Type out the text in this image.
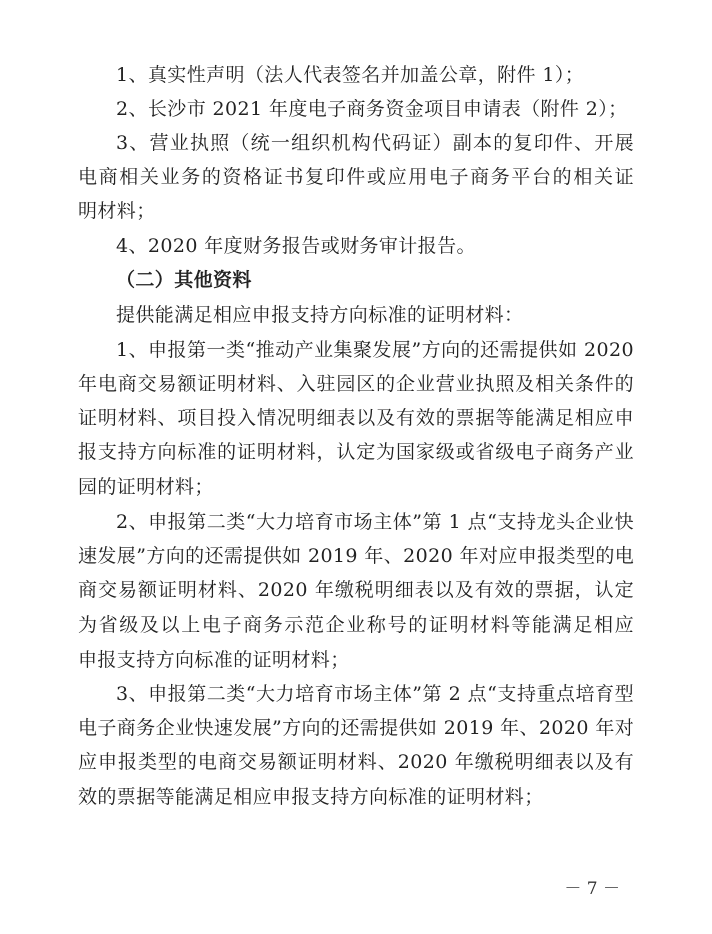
1、真实性声明（法人代表签名并加盖公章，附件 1）；
2、长沙市 2021 年度电子商务资金项目申请表（附件 2）；
3、营业执照（统一组织机构代码证）副本的复印件、开展
电商相关业务的资格证书复印件或应用电子商务平台的相关证
明材料；
4、2020 年度财务报告或财务审计报告。
（二）其他资料
提供能满足相应申报支持方向标准的证明材料：
1、申报第一类“推动产业集聚发展”方向的还需提供如 2020
年电商交易额证明材料、入驻园区的企业营业执照及相关条件的
证明材料、项目投入情况明细表以及有效的票据等能满足相应申
报支持方向标准的证明材料，认定为国家级或省级电子商务产业
园的证明材料；
2、申报第二类“大力培育市场主体”第 1 点“支持龙头企业快
速发展”方向的还需提供如 2019 年、2020 年对应申报类型的电
商交易额证明材料、2020 年缴税明细表以及有效的票据，认定
为省级及以上电子商务示范企业称号的证明材料等能满足相应
申报支持方向标准的证明材料；
3、申报第二类“大力培育市场主体”第 2 点“支持重点培育型
电子商务企业快速发展”方向的还需提供如 2019 年、2020 年对
应申报类型的电商交易额证明材料、2020 年缴税明细表以及有
效的票据等能满足相应申报支持方向标准的证明材料；
－ 7 －
